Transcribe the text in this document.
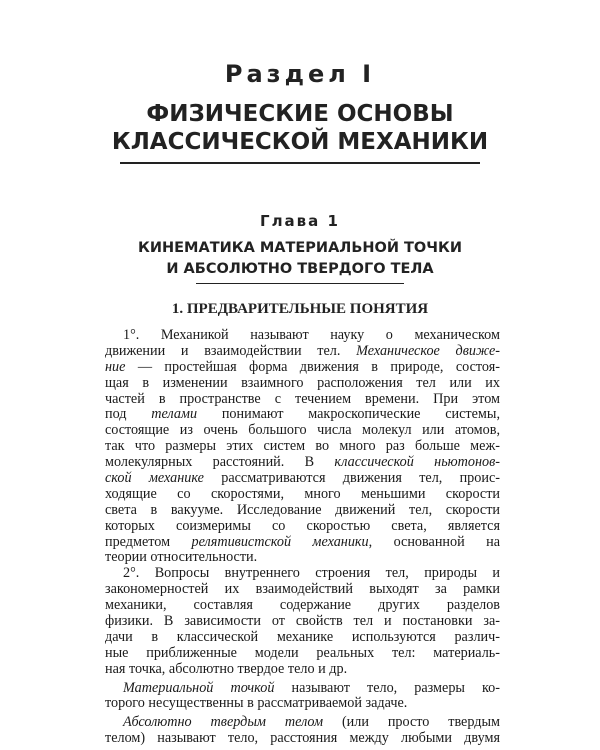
Раздел I
ФИЗИЧЕСКИЕ ОСНОВЫ
КЛАССИЧЕСКОЙ МЕХАНИКИ
Глава 1
КИНЕМАТИКА МАТЕРИАЛЬНОЙ ТОЧКИ
И АБСОЛЮТНО ТВЕРДОГО ТЕЛА
1. ПРЕДВАРИТЕЛЬНЫЕ ПОНЯТИЯ
1°. Механикой называют науку о механическом
движении и взаимодействии тел. Механическое движе-
ние — простейшая форма движения в природе, состоя-
щая в изменении взаимного расположения тел или их
частей в пространстве с течением времени. При этом
под телами понимают макроскопические системы,
состоящие из очень большого числа молекул или атомов,
так что размеры этих систем во много раз больше меж-
молекулярных расстояний. В классической ньютонов-
ской механике рассматриваются движения тел, проис-
ходящие со скоростями, много меньшими скорости
света в вакууме. Исследование движений тел, скорости
которых соизмеримы со скоростью света, является
предметом релятивистской механики, основанной на
теории относительности.
2°. Вопросы внутреннего строения тел, природы и
закономерностей их взаимодействий выходят за рамки
механики, составляя содержание других разделов
физики. В зависимости от свойств тел и постановки за-
дачи в классической механике используются различ-
ные приближенные модели реальных тел: материаль-
ная точка, абсолютно твердое тело и др.
Материальной точкой называют тело, размеры ко-
торого несущественны в рассматриваемой задаче.
Абсолютно твердым телом (или просто твердым
телом) называют тело, расстояния между любыми двумя
